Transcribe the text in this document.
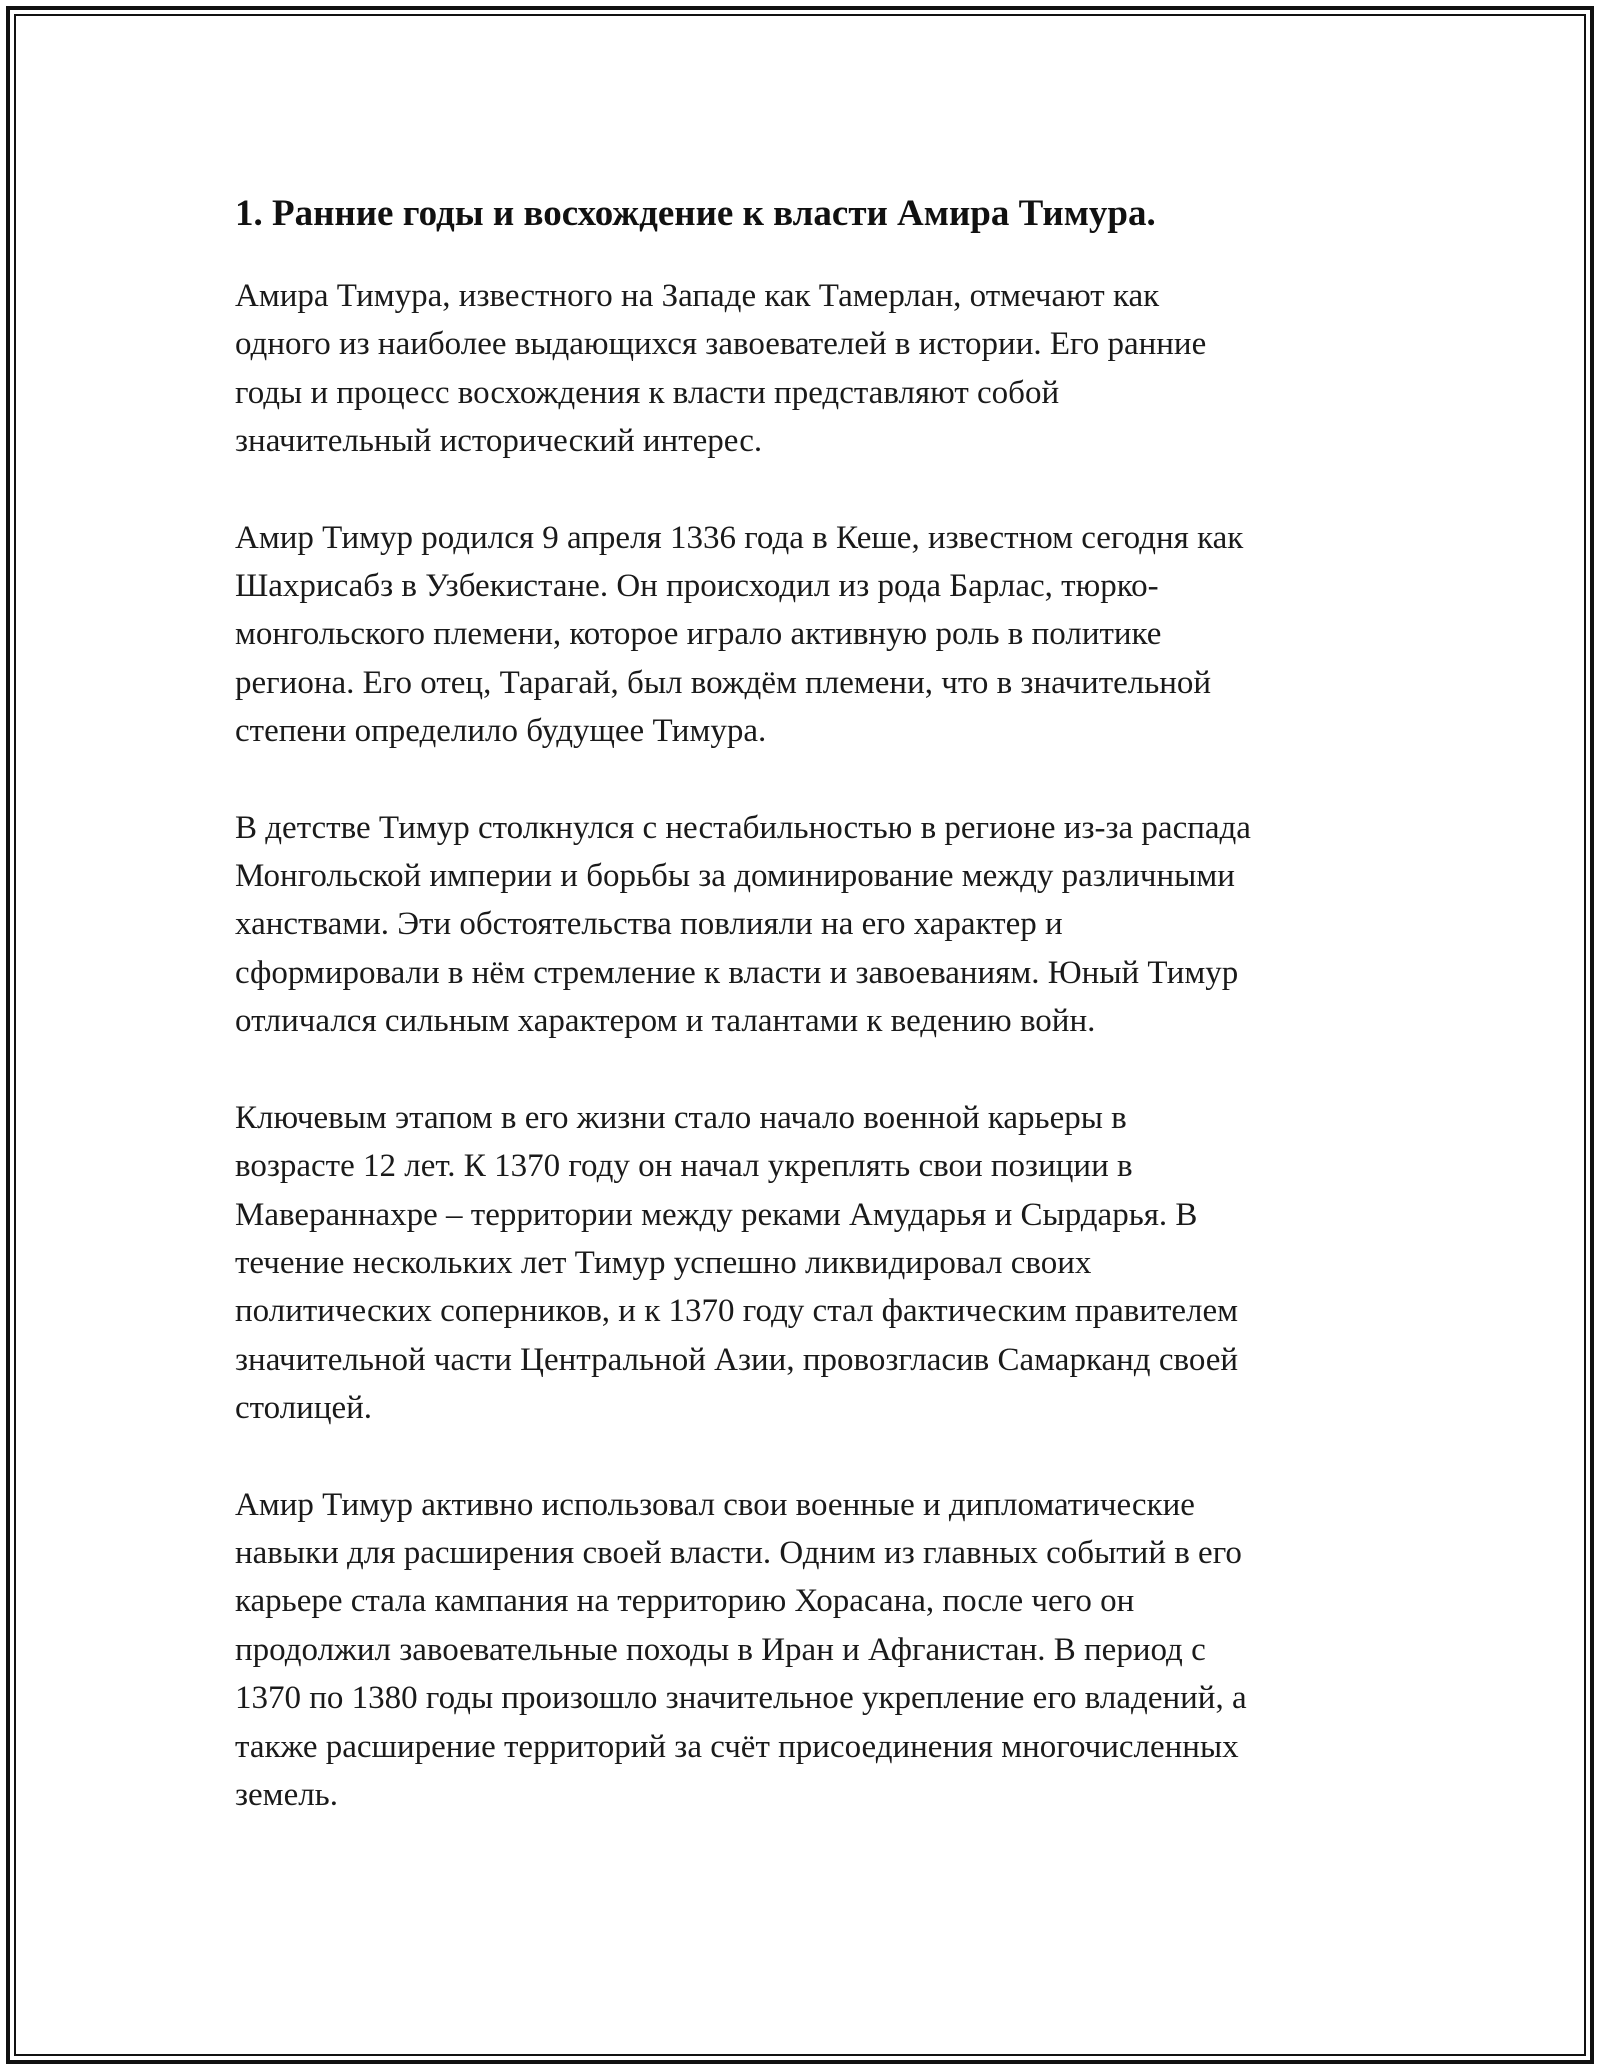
1. Ранние годы и восхождение к власти Амира Тимура.

Амира Тимура, известного на Западе как Тамерлан, отмечают как
одного из наиболее выдающихся завоевателей в истории. Его ранние
годы и процесс восхождения к власти представляют собой
значительный исторический интерес.

Амир Тимур родился 9 апреля 1336 года в Кеше, известном сегодня как
Шахрисабз в Узбекистане. Он происходил из рода Барлас, тюрко-
монгольского племени, которое играло активную роль в политике
региона. Его отец, Тарагай, был вождём племени, что в значительной
степени определило будущее Тимура.

В детстве Тимур столкнулся с нестабильностью в регионе из-за распада
Монгольской империи и борьбы за доминирование между различными
ханствами. Эти обстоятельства повлияли на его характер и
сформировали в нём стремление к власти и завоеваниям. Юный Тимур
отличался сильным характером и талантами к ведению войн.

Ключевым этапом в его жизни стало начало военной карьеры в
возрасте 12 лет. К 1370 году он начал укреплять свои позиции в
Мавераннахре – территории между реками Амударья и Сырдарья. В
течение нескольких лет Тимур успешно ликвидировал своих
политических соперников, и к 1370 году стал фактическим правителем
значительной части Центральной Азии, провозгласив Самарканд своей
столицей.

Амир Тимур активно использовал свои военные и дипломатические
навыки для расширения своей власти. Одним из главных событий в его
карьере стала кампания на территорию Хорасана, после чего он
продолжил завоевательные походы в Иран и Афганистан. В период с
1370 по 1380 годы произошло значительное укрепление его владений, а
также расширение территорий за счёт присоединения многочисленных
земель.
